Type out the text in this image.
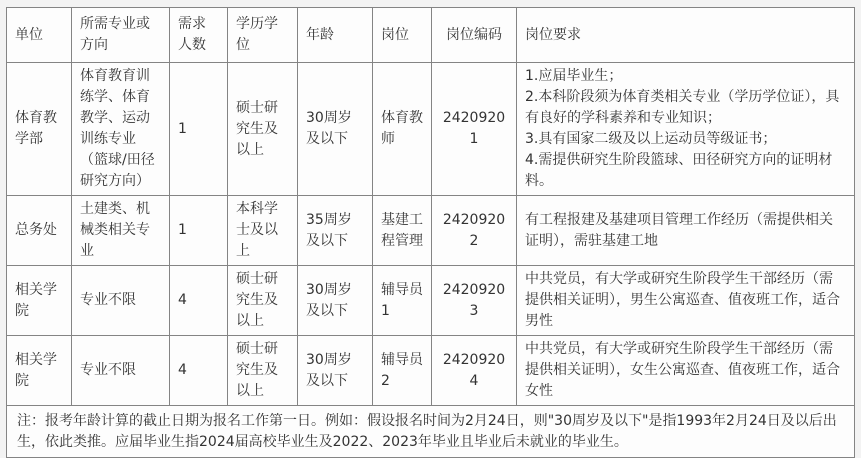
单位	所需专业或方向	需求人数	学历学位	年龄	岗位	岗位编码	岗位要求
体育教学部	体育教育训练学、体育教学、运动训练专业（篮球/田径研究方向）	1	硕士研究生及以上	30周岁及以下	体育教师	24209201	1.应届毕业生；
2.本科阶段须为体育类相关专业（学历学位证），具有良好的学科素养和专业知识；
3.具有国家二级及以上运动员等级证书；
4.需提供研究生阶段篮球、田径研究方向的证明材料。

总务处	土建类、机械类相关专业	1	本科学士及以上	35周岁及以下	基建工程管理	24209202	有工程报建及基建项目管理工作经历（需提供相关证明），需驻基建工地

相关学院	专业不限	4	硕士研究生及以上	30周岁及以下	辅导员1	24209203	中共党员，有大学或研究生阶段学生干部经历（需提供相关证明），男生公寓巡查、值夜班工作，适合男性

相关学院	专业不限	4	硕士研究生及以上	30周岁及以下	辅导员2	24209204	中共党员，有大学或研究生阶段学生干部经历（需提供相关证明），女生公寓巡查、值夜班工作，适合女性

注：报考年龄计算的截止日期为报名工作第一日。例如：假设报名时间为2月24日，则"30周岁及以下"是指1993年2月24日及以后出生，依此类推。应届毕业生指2024届高校毕业生及2022、2023年毕业且毕业后未就业的毕业生。							
